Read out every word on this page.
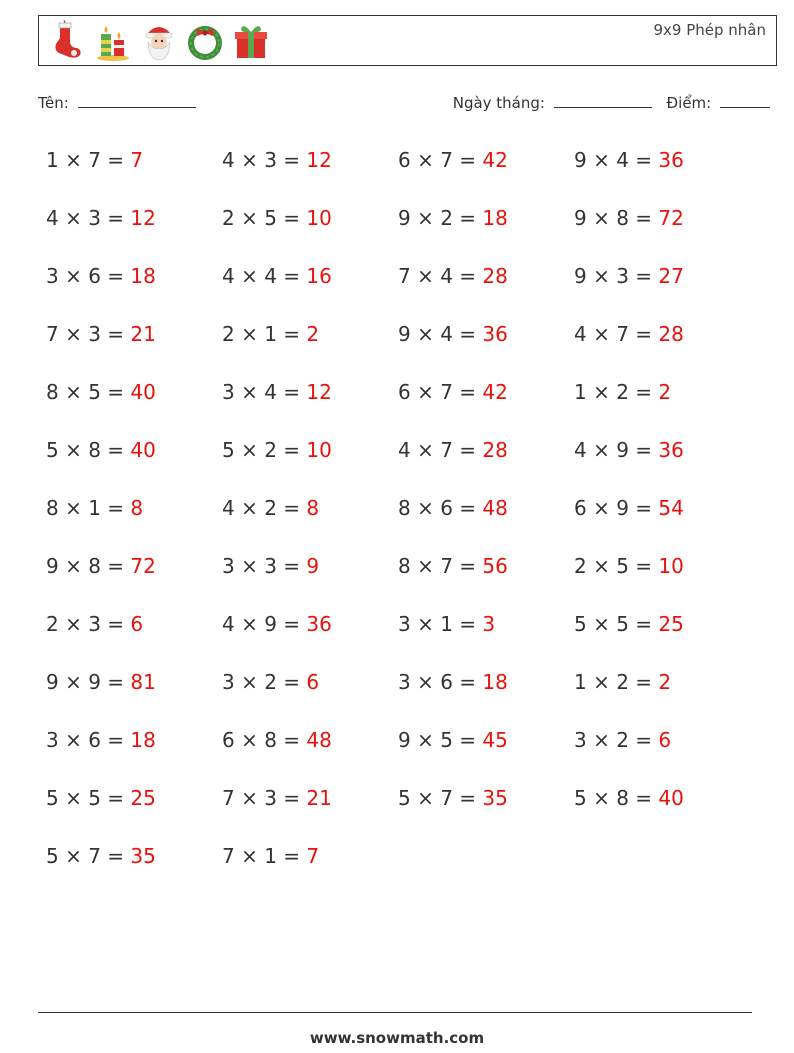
9x9 Phép nhân
Tên:	Ngày tháng:	Điểm:
1 × 7 = 7	4 × 3 = 12	6 × 7 = 42	9 × 4 = 36
4 × 3 = 12	2 × 5 = 10	9 × 2 = 18	9 × 8 = 72
3 × 6 = 18	4 × 4 = 16	7 × 4 = 28	9 × 3 = 27
7 × 3 = 21	2 × 1 = 2	9 × 4 = 36	4 × 7 = 28
8 × 5 = 40	3 × 4 = 12	6 × 7 = 42	1 × 2 = 2
5 × 8 = 40	5 × 2 = 10	4 × 7 = 28	4 × 9 = 36
8 × 1 = 8	4 × 2 = 8	8 × 6 = 48	6 × 9 = 54
9 × 8 = 72	3 × 3 = 9	8 × 7 = 56	2 × 5 = 10
2 × 3 = 6	4 × 9 = 36	3 × 1 = 3	5 × 5 = 25
9 × 9 = 81	3 × 2 = 6	3 × 6 = 18	1 × 2 = 2
3 × 6 = 18	6 × 8 = 48	9 × 5 = 45	3 × 2 = 6
5 × 5 = 25	7 × 3 = 21	5 × 7 = 35	5 × 8 = 40
5 × 7 = 35	7 × 1 = 7
www.snowmath.com
